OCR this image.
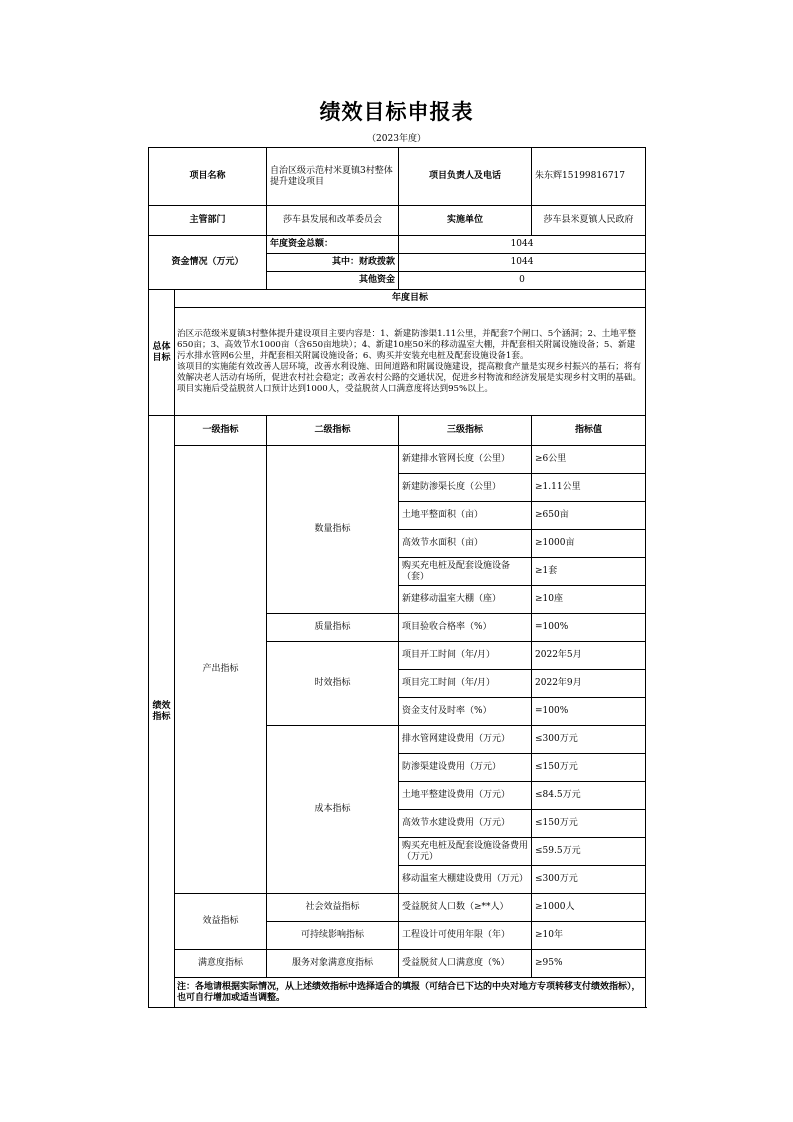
绩效目标申报表
（2023年度）
项目名称		自治区级示范村米夏镇3村整体提升建设项目	项目负责人及电话	朱东辉15199816717
主管部门		莎车县发展和改革委员会	实施单位	莎车县米夏镇人民政府
资金情况（万元）		年度资金总额：	1044	
		其中：财政拨款	1044	
		其他资金	0	
总体目标	年度目标			
	治区示范级米夏镇3村整体提升建设项目主要内容是：1、新建防渗渠1.11公里，并配套7个闸口、5个涵洞；2、土地平整650亩；3、高效节水1000亩（含650亩地块）；4、新建10座50米的移动温室大棚，并配套相关附属设施设备；5、新建污水排水管网6公里，并配套相关附属设施设备；6、购买并安装充电桩及配套设施设备1套。
该项目的实施能有效改善人居环境，改善水利设施、田间道路和附属设施建设，提高粮食产量是实现乡村振兴的基石；将有效解决老人活动有场所，促进农村社会稳定；改善农村公路的交通状况，促进乡村物流和经济发展是实现乡村文明的基础。项目实施后受益脱贫人口预计达到1000人，受益脱贫人口满意度将达到95%以上。			
绩效指标	一级指标	二级指标	三级指标	指标值
	产出指标	数量指标	新建排水管网长度（公里）	≥6公里
			新建防渗渠长度（公里）	≥1.11公里
			土地平整面积（亩）	≥650亩
			高效节水面积（亩）	≥1000亩
			购买充电桩及配套设施设备（套）	≥1套
			新建移动温室大棚（座）	≥10座
		质量指标	项目验收合格率（%）	=100%
		时效指标	项目开工时间（年/月）	2022年5月
			项目完工时间（年/月）	2022年9月
			资金支付及时率（%）	=100%
		成本指标	排水管网建设费用（万元）	≤300万元
			防渗渠建设费用（万元）	≤150万元
			土地平整建设费用（万元）	≤84.5万元
			高效节水建设费用（万元）	≤150万元
			购买充电桩及配套设施设备费用（万元）	≤59.5万元
			移动温室大棚建设费用（万元）	≤300万元
	效益指标	社会效益指标	受益脱贫人口数（≥**人）	≥1000人
		可持续影响指标	工程设计可使用年限（年）	≥10年
	满意度指标	服务对象满意度指标	受益脱贫人口满意度（%）	≥95%
	注：各地请根据实际情况，从上述绩效指标中选择适合的填报（可结合已下达的中央对地方专项转移支付绩效指标），也可自行增加或适当调整。			
